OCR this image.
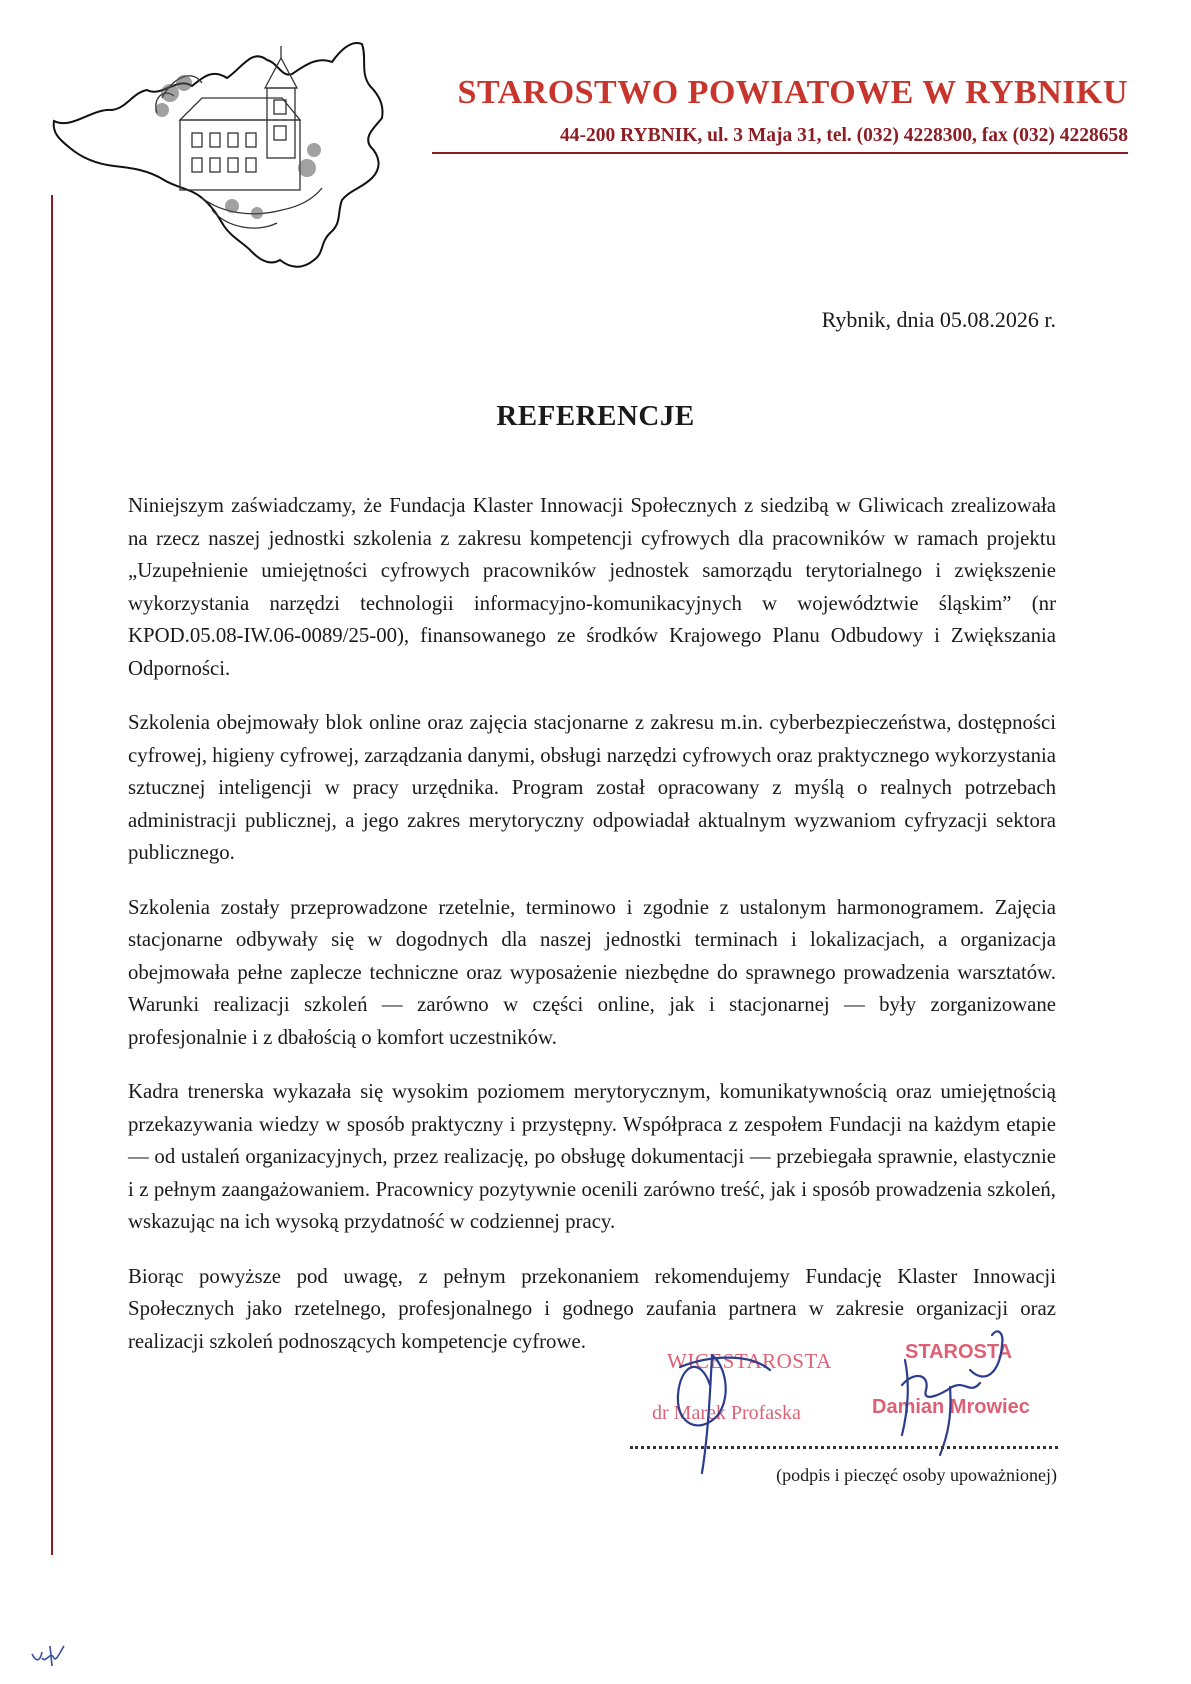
STAROSTWO POWIATOWE W RYBNIKU
44-200 RYBNIK, ul. 3 Maja 31, tel. (032) 4228300, fax (032) 4228658
Rybnik, dnia 05.08.2026 r.
REFERENCJE

Niniejszym zaświadczamy, że Fundacja Klaster Innowacji Społecznych z siedzibą w Gliwicach zrealizowała na rzecz naszej jednostki szkolenia z zakresu kompetencji cyfrowych dla pracowników w ramach projektu „Uzupełnienie umiejętności cyfrowych pracowników jednostek samorządu terytorialnego i zwiększenie wykorzystania narzędzi technologii informacyjno-komunikacyjnych w województwie śląskim” (nr KPOD.05.08-IW.06-0089/25-00), finansowanego ze środków Krajowego Planu Odbudowy i Zwiększania Odporności.

Szkolenia obejmowały blok online oraz zajęcia stacjonarne z zakresu m.in. cyberbezpieczeństwa, dostępności cyfrowej, higieny cyfrowej, zarządzania danymi, obsługi narzędzi cyfrowych oraz praktycznego wykorzystania sztucznej inteligencji w pracy urzędnika. Program został opracowany z myślą o realnych potrzebach administracji publicznej, a jego zakres merytoryczny odpowiadał aktualnym wyzwaniom cyfryzacji sektora publicznego.

Szkolenia zostały przeprowadzone rzetelnie, terminowo i zgodnie z ustalonym harmonogramem. Zajęcia stacjonarne odbywały się w dogodnych dla naszej jednostki terminach i lokalizacjach, a organizacja obejmowała pełne zaplecze techniczne oraz wyposażenie niezbędne do sprawnego prowadzenia warsztatów. Warunki realizacji szkoleń — zarówno w części online, jak i stacjonarnej — były zorganizowane profesjonalnie i z dbałością o komfort uczestników.

Kadra trenerska wykazała się wysokim poziomem merytorycznym, komunikatywnością oraz umiejętnością przekazywania wiedzy w sposób praktyczny i przystępny. Współpraca z zespołem Fundacji na każdym etapie — od ustaleń organizacyjnych, przez realizację, po obsługę dokumentacji — przebiegała sprawnie, elastycznie i z pełnym zaangażowaniem. Pracownicy pozytywnie ocenili zarówno treść, jak i sposób prowadzenia szkoleń, wskazując na ich wysoką przydatność w codziennej pracy.

Biorąc powyższe pod uwagę, z pełnym przekonaniem rekomendujemy Fundację Klaster Innowacji Społecznych jako rzetelnego, profesjonalnego i godnego zaufania partnera w zakresie organizacji oraz realizacji szkoleń podnoszących kompetencje cyfrowe.

WICESTAROSTA
dr Marek Profaska
STAROSTA
Damian Mrowiec
(podpis i pieczęć osoby upoważnionej)
